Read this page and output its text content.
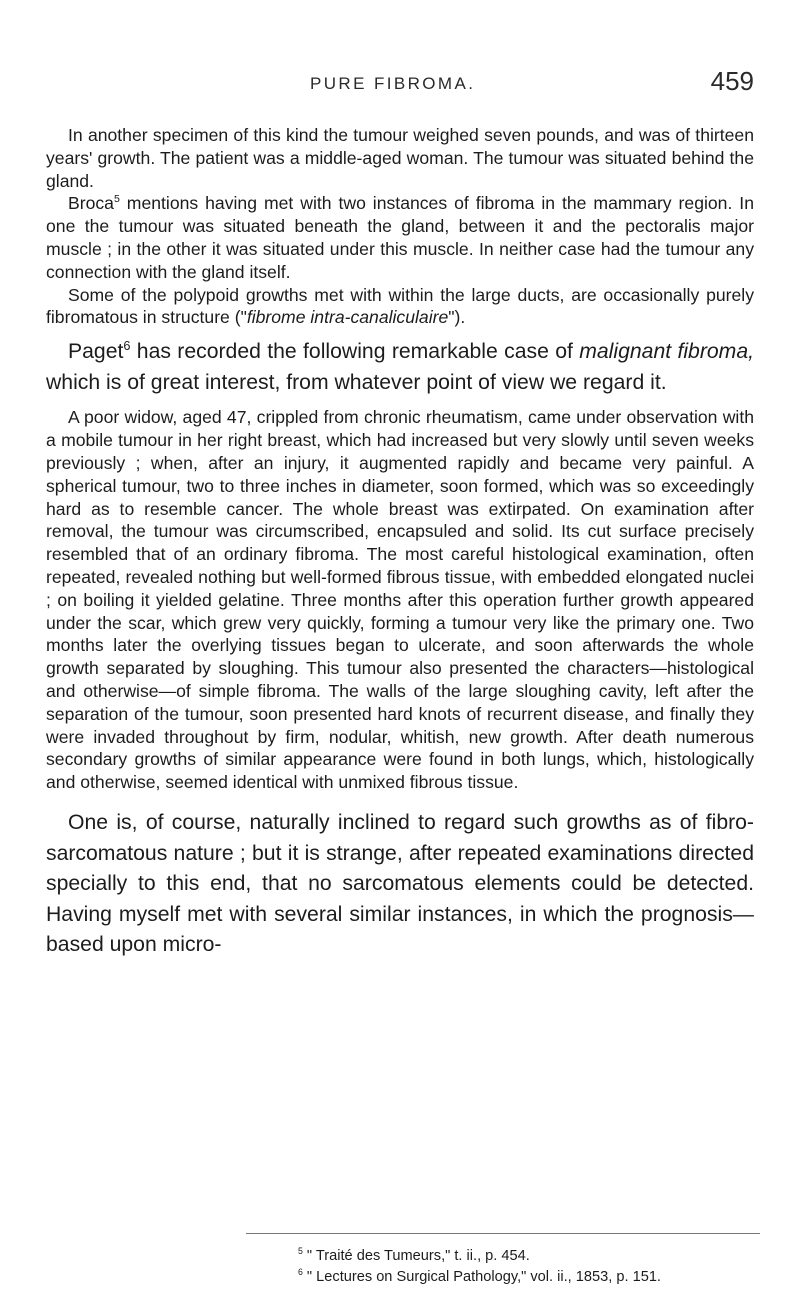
PURE FIBROMA.	459

In another specimen of this kind the tumour weighed seven pounds, and was of thirteen years' growth. The patient was a middle-aged woman. The tumour was situated behind the gland.

Broca$^5$ mentions having met with two instances of fibroma in the mammary region. In one the tumour was situated beneath the gland, between it and the pectoralis major muscle ; in the other it was situated under this muscle. In neither case had the tumour any connection with the gland itself.

Some of the polypoid growths met with within the large ducts, are occasionally purely fibromatous in structure ("fibrome intra-canaliculaire").

Paget$^6$ has recorded the following remarkable case of malignant fibroma, which is of great interest, from whatever point of view we regard it.

A poor widow, aged 47, crippled from chronic rheumatism, came under observation with a mobile tumour in her right breast, which had increased but very slowly until seven weeks previously ; when, after an injury, it augmented rapidly and became very painful. A spherical tumour, two to three inches in diameter, soon formed, which was so exceedingly hard as to resemble cancer. The whole breast was extirpated. On examination after removal, the tumour was circumscribed, encapsuled and solid. Its cut surface precisely resembled that of an ordinary fibroma. The most careful histological examination, often repeated, revealed nothing but well-formed fibrous tissue, with embedded elongated nuclei ; on boiling it yielded gelatine. Three months after this operation further growth appeared under the scar, which grew very quickly, forming a tumour very like the primary one. Two months later the overlying tissues began to ulcerate, and soon afterwards the whole growth separated by sloughing. This tumour also presented the characters—histological and otherwise—of simple fibroma. The walls of the large sloughing cavity, left after the separation of the tumour, soon presented hard knots of recurrent disease, and finally they were invaded throughout by firm, nodular, whitish, new growth. After death numerous secondary growths of similar appearance were found in both lungs, which, histologically and otherwise, seemed identical with unmixed fibrous tissue.

One is, of course, naturally inclined to regard such growths as of fibro-sarcomatous nature ; but it is strange, after repeated examinations directed specially to this end, that no sarcomatous elements could be detected. Having myself met with several similar instances, in which the prognosis—based upon micro-

$^5$ " Traité des Tumeurs," t. ii., p. 454.
$^6$ " Lectures on Surgical Pathology," vol. ii., 1853, p. 151.
